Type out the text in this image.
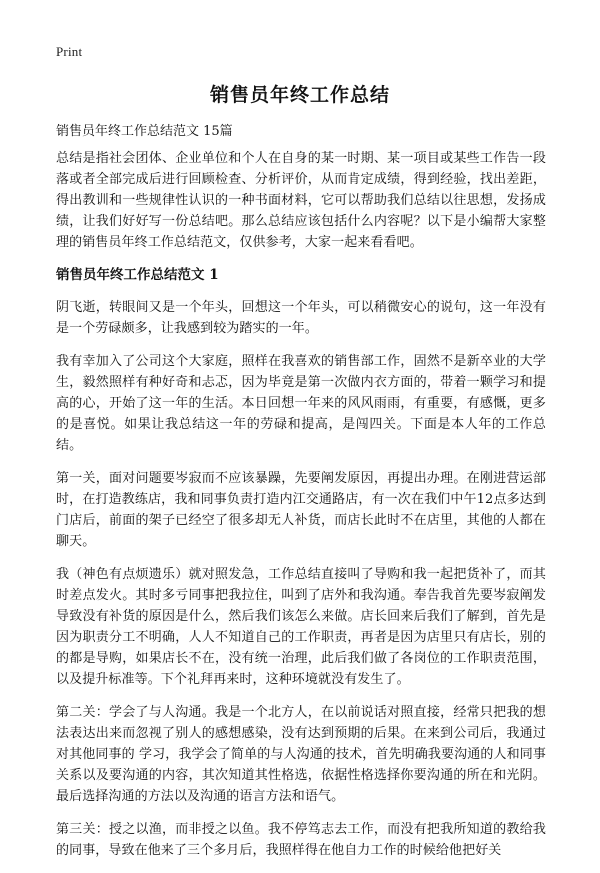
Print
销售员年终工作总结
销售员年终工作总结范文 15篇

总结是指社会团体、企业单位和个人在自身的某一时期、某一项目或某些工作告一段落或者全部完成后进行回顾检查、分析评价，从而肯定成绩，得到经验，找出差距，得出教训和一些规律性认识的一种书面材料，它可以帮助我们总结以往思想，发扬成绩，让我们好好写一份总结吧。那么总结应该包括什么内容呢？以下是小编帮大家整理的销售员年终工作总结范文，仅供参考，大家一起来看看吧。

销售员年终工作总结范文 1

阴飞逝，转眼间又是一个年头，回想这一个年头，可以稍微安心的说句，这一年没有是一个劳碌颇多，让我感到较为踏实的一年。

我有幸加入了公司这个大家庭，照样在我喜欢的销售部工作，固然不是新卒业的大学生，毅然照样有种好奇和忐忑，因为毕竟是第一次做内衣方面的，带着一颗学习和提高的心，开始了这一年的生活。本日回想一年来的风风雨雨，有重要，有感慨，更多的是喜悦。如果让我总结这一年的劳碌和提高，是闯四关。下面是本人年的工作总结。

第一关，面对问题要岑寂而不应该暴躁，先要阐发原因，再提出办理。在刚进营运部时，在打造教练店，我和同事负责打造内江交通路店，有一次在我们中午12点多达到门店后，前面的架子已经空了很多却无人补货，而店长此时不在店里，其他的人都在聊天。

我（神色有点烦遗乐）就对照发急，工作总结直接叫了导购和我一起把货补了，而其时差点发火。其时多亏同事把我拉住，叫到了店外和我沟通。奉告我首先要岑寂阐发导致没有补货的原因是什么，然后我们该怎么来做。店长回来后我们了解到，首先是因为职责分工不明确，人人不知道自己的工作职责，再者是因为店里只有店长，别的的都是导购，如果店长不在，没有统一治理，此后我们做了各岗位的工作职责范围，以及提升标准等。下个礼拜再来时，这种环境就没有发生了。

第二关：学会了与人沟通。我是一个北方人，在以前说话对照直接，经常只把我的想法表达出来而忽视了别人的感想感染，没有达到预期的后果。在来到公司后，我通过对其他同事的 学习，我学会了简单的与人沟通的技术，首先明确我要沟通的人和同事关系以及要沟通的内容，其次知道其性格选，依据性格选择你要沟通的所在和光阴。最后选择沟通的方法以及沟通的语言方法和语气。

第三关：授之以渔，而非授之以鱼。我不停笃志去工作，而没有把我所知道的教给我的同事，导致在他来了三个多月后，我照样得在他自力工作的时候给他把好关
